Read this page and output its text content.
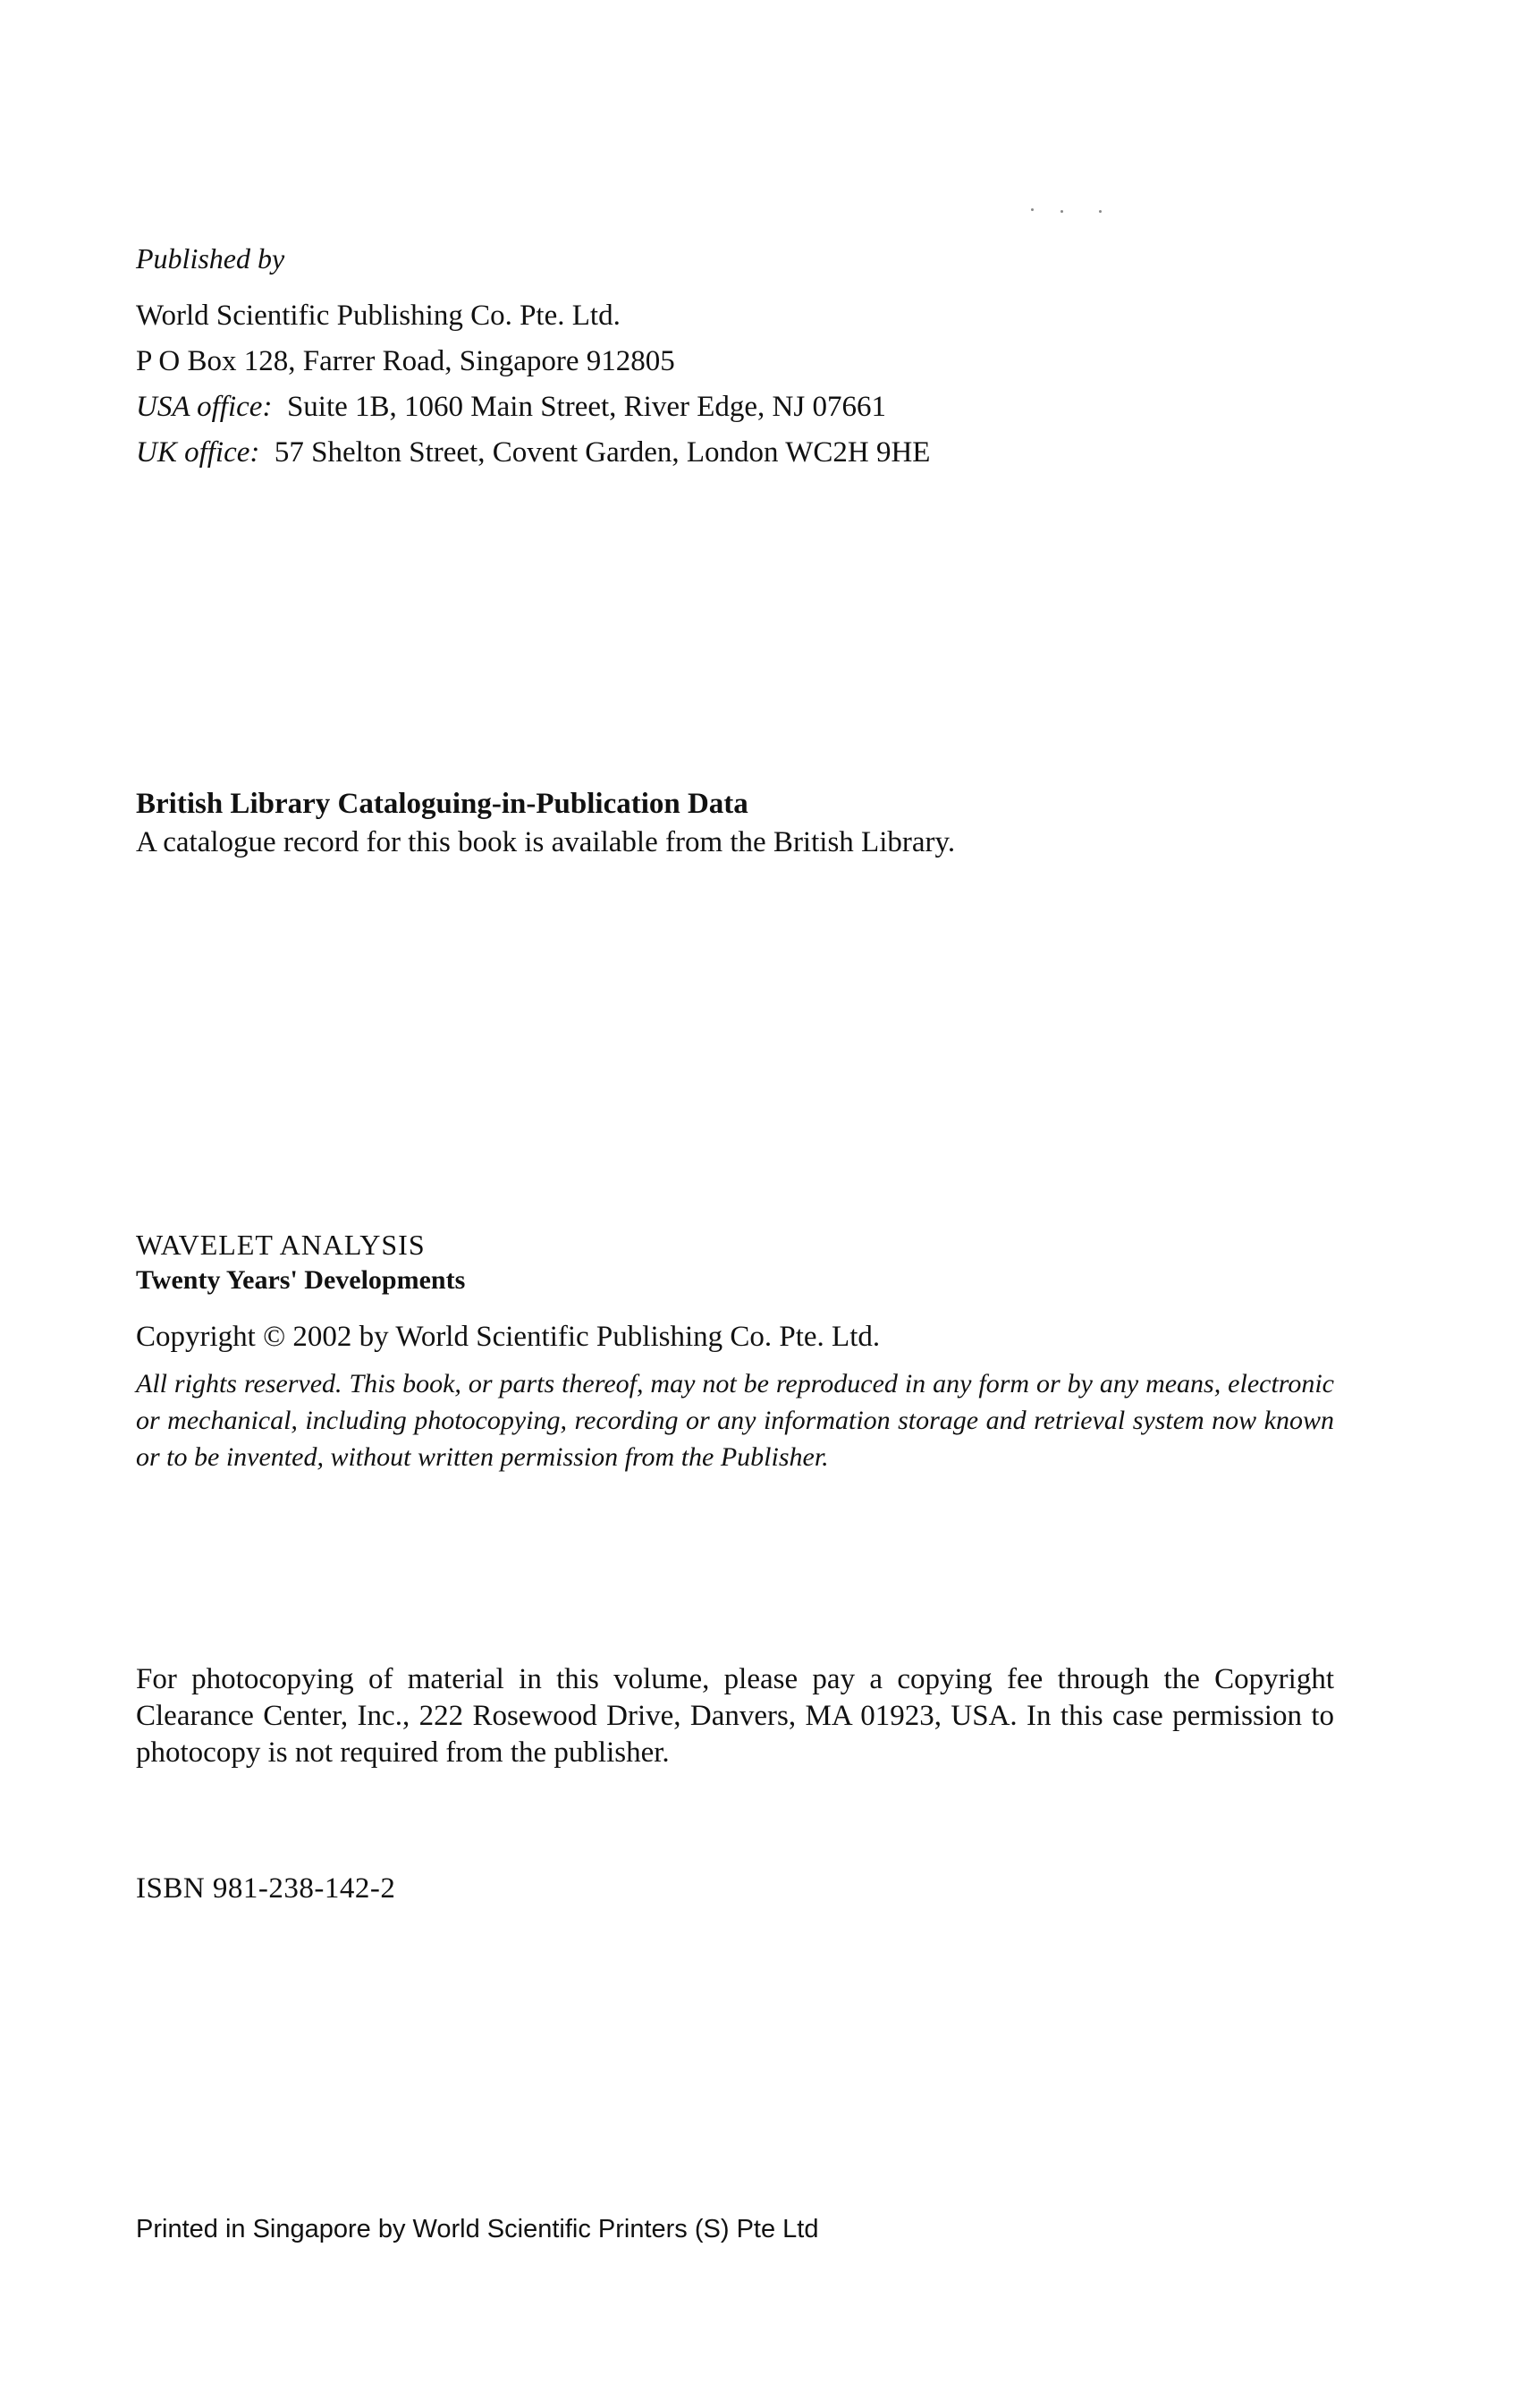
Published by
World Scientific Publishing Co. Pte. Ltd.
P O Box 128, Farrer Road, Singapore 912805
USA office: Suite 1B, 1060 Main Street, River Edge, NJ 07661
UK office: 57 Shelton Street, Covent Garden, London WC2H 9HE
British Library Cataloguing-in-Publication Data
A catalogue record for this book is available from the British Library.
WAVELET ANALYSIS
Twenty Years' Developments
Copyright © 2002 by World Scientific Publishing Co. Pte. Ltd.
All rights reserved. This book, or parts thereof, may not be reproduced in any form or by any means, electronic or mechanical, including photocopying, recording or any information storage and retrieval system now known or to be invented, without written permission from the Publisher.
For photocopying of material in this volume, please pay a copying fee through the Copyright Clearance Center, Inc., 222 Rosewood Drive, Danvers, MA 01923, USA. In this case permission to photocopy is not required from the publisher.
ISBN 981-238-142-2
Printed in Singapore by World Scientific Printers (S) Pte Ltd
